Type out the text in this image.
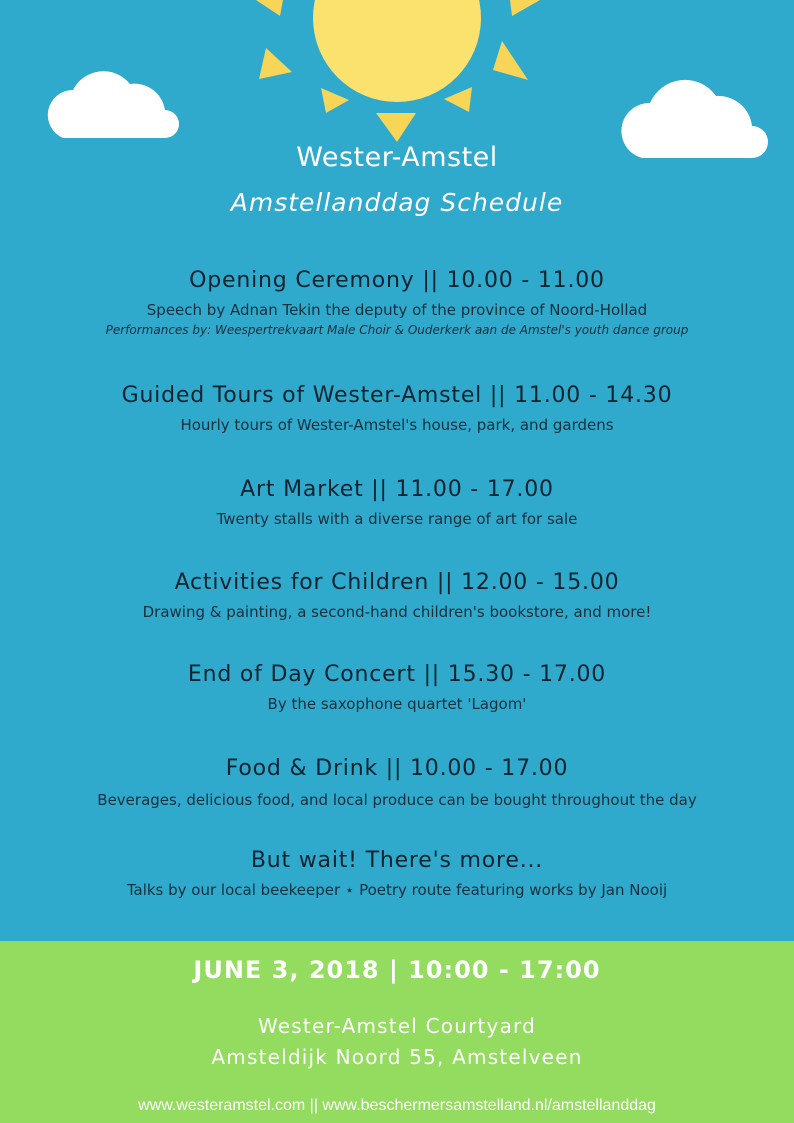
Wester-Amstel
Amstellanddag Schedule
Opening Ceremony || 10.00 - 11.00
Speech by Adnan Tekin the deputy of the province of Noord-Hollad
Performances by: Weespertrekvaart Male Choir & Ouderkerk aan de Amstel's youth dance group
Guided Tours of Wester-Amstel || 11.00 - 14.30
Hourly tours of Wester-Amstel's house, park, and gardens
Art Market || 11.00 - 17.00
Twenty stalls with a diverse range of art for sale
Activities for Children || 12.00 - 15.00
Drawing & painting, a second-hand children's bookstore, and more!
End of Day Concert || 15.30 - 17.00
By the saxophone quartet 'Lagom'
Food & Drink || 10.00 - 17.00
Beverages, delicious food, and local produce can be bought throughout the day
But wait! There's more...
Talks by our local beekeeper ⋆ Poetry route featuring works by Jan Nooij
JUNE 3, 2018 | 10:00 - 17:00
Wester-Amstel Courtyard
Amsteldijk Noord 55, Amstelveen
www.westeramstel.com || www.beschermersamstelland.nl/amstellanddag
